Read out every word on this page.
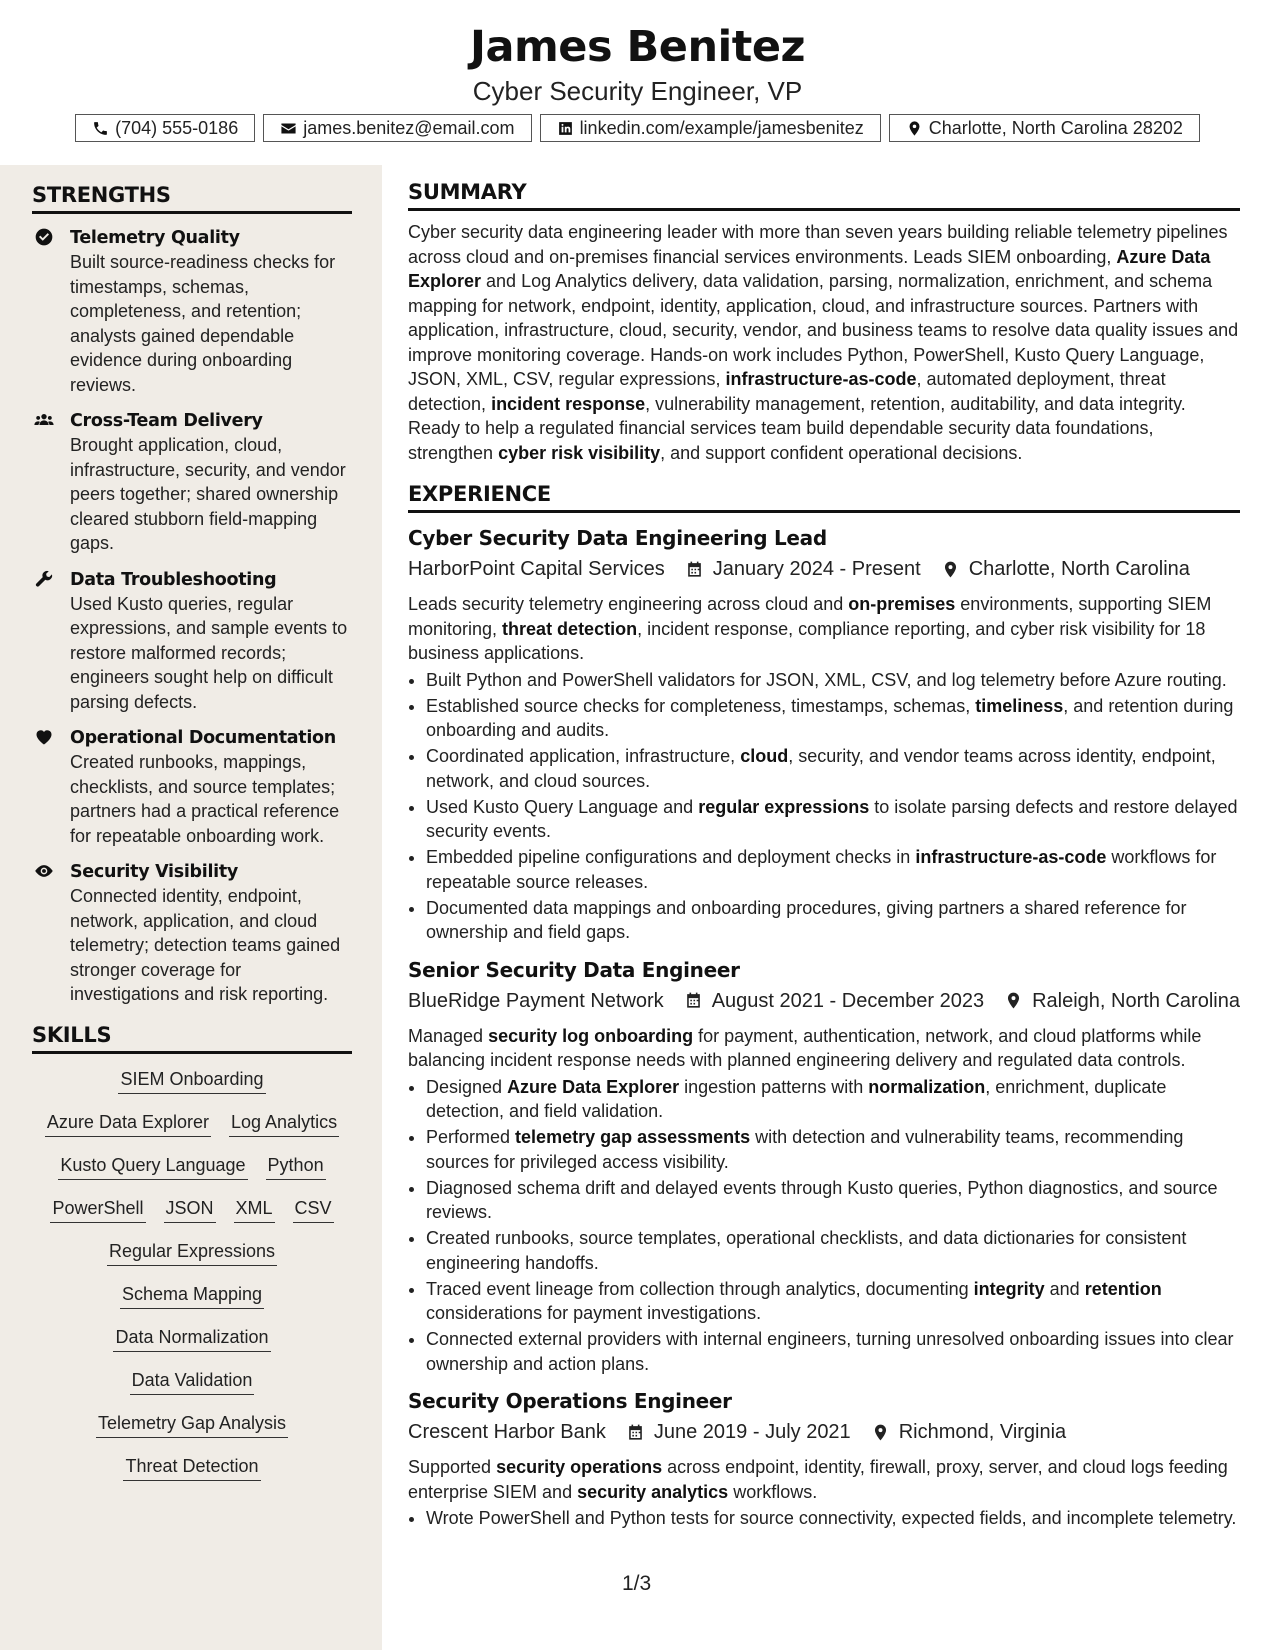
James Benitez
Cyber Security Engineer, VP
(704) 555-0186	james.benitez@email.com	linkedin.com/example/jamesbenitez	Charlotte, North Carolina 28202
STRENGTHS
Telemetry Quality
Built source-readiness checks for timestamps, schemas, completeness, and retention; analysts gained dependable evidence during onboarding reviews.
Cross-Team Delivery
Brought application, cloud, infrastructure, security, and vendor peers together; shared ownership cleared stubborn field-mapping gaps.
Data Troubleshooting
Used Kusto queries, regular expressions, and sample events to restore malformed records; engineers sought help on difficult parsing defects.
Operational Documentation
Created runbooks, mappings, checklists, and source templates; partners had a practical reference for repeatable onboarding work.
Security Visibility
Connected identity, endpoint, network, application, and cloud telemetry; detection teams gained stronger coverage for investigations and risk reporting.
SKILLS
SIEM Onboarding
Azure Data Explorer Log Analytics
Kusto Query Language Python
PowerShell JSON XML CSV
Regular Expressions
Schema Mapping
Data Normalization
Data Validation
Telemetry Gap Analysis
Threat Detection
SUMMARY
Cyber security data engineering leader with more than seven years building reliable telemetry pipelines across cloud and on-premises financial services environments. Leads SIEM onboarding, Azure Data Explorer and Log Analytics delivery, data validation, parsing, normalization, enrichment, and schema mapping for network, endpoint, identity, application, cloud, and infrastructure sources. Partners with application, infrastructure, cloud, security, vendor, and business teams to resolve data quality issues and improve monitoring coverage. Hands-on work includes Python, PowerShell, Kusto Query Language, JSON, XML, CSV, regular expressions, infrastructure-as-code, automated deployment, threat detection, incident response, vulnerability management, retention, auditability, and data integrity. Ready to help a regulated financial services team build dependable security data foundations, strengthen cyber risk visibility, and support confident operational decisions.
EXPERIENCE
Cyber Security Data Engineering Lead
HarborPoint Capital Services January 2024 - Present Charlotte, North Carolina
Leads security telemetry engineering across cloud and on-premises environments, supporting SIEM monitoring, threat detection, incident response, compliance reporting, and cyber risk visibility for 18 business applications.
• Built Python and PowerShell validators for JSON, XML, CSV, and log telemetry before Azure routing.
• Established source checks for completeness, timestamps, schemas, timeliness, and retention during onboarding and audits.
• Coordinated application, infrastructure, cloud, security, and vendor teams across identity, endpoint, network, and cloud sources.
• Used Kusto Query Language and regular expressions to isolate parsing defects and restore delayed security events.
• Embedded pipeline configurations and deployment checks in infrastructure-as-code workflows for repeatable source releases.
• Documented data mappings and onboarding procedures, giving partners a shared reference for ownership and field gaps.
Senior Security Data Engineer
BlueRidge Payment Network August 2021 - December 2023 Raleigh, North Carolina
Managed security log onboarding for payment, authentication, network, and cloud platforms while balancing incident response needs with planned engineering delivery and regulated data controls.
• Designed Azure Data Explorer ingestion patterns with normalization, enrichment, duplicate detection, and field validation.
• Performed telemetry gap assessments with detection and vulnerability teams, recommending sources for privileged access visibility.
• Diagnosed schema drift and delayed events through Kusto queries, Python diagnostics, and source reviews.
• Created runbooks, source templates, operational checklists, and data dictionaries for consistent engineering handoffs.
• Traced event lineage from collection through analytics, documenting integrity and retention considerations for payment investigations.
• Connected external providers with internal engineers, turning unresolved onboarding issues into clear ownership and action plans.
Security Operations Engineer
Crescent Harbor Bank June 2019 - July 2021 Richmond, Virginia
Supported security operations across endpoint, identity, firewall, proxy, server, and cloud logs feeding enterprise SIEM and security analytics workflows.
• Wrote PowerShell and Python tests for source connectivity, expected fields, and incomplete telemetry.
1/3
